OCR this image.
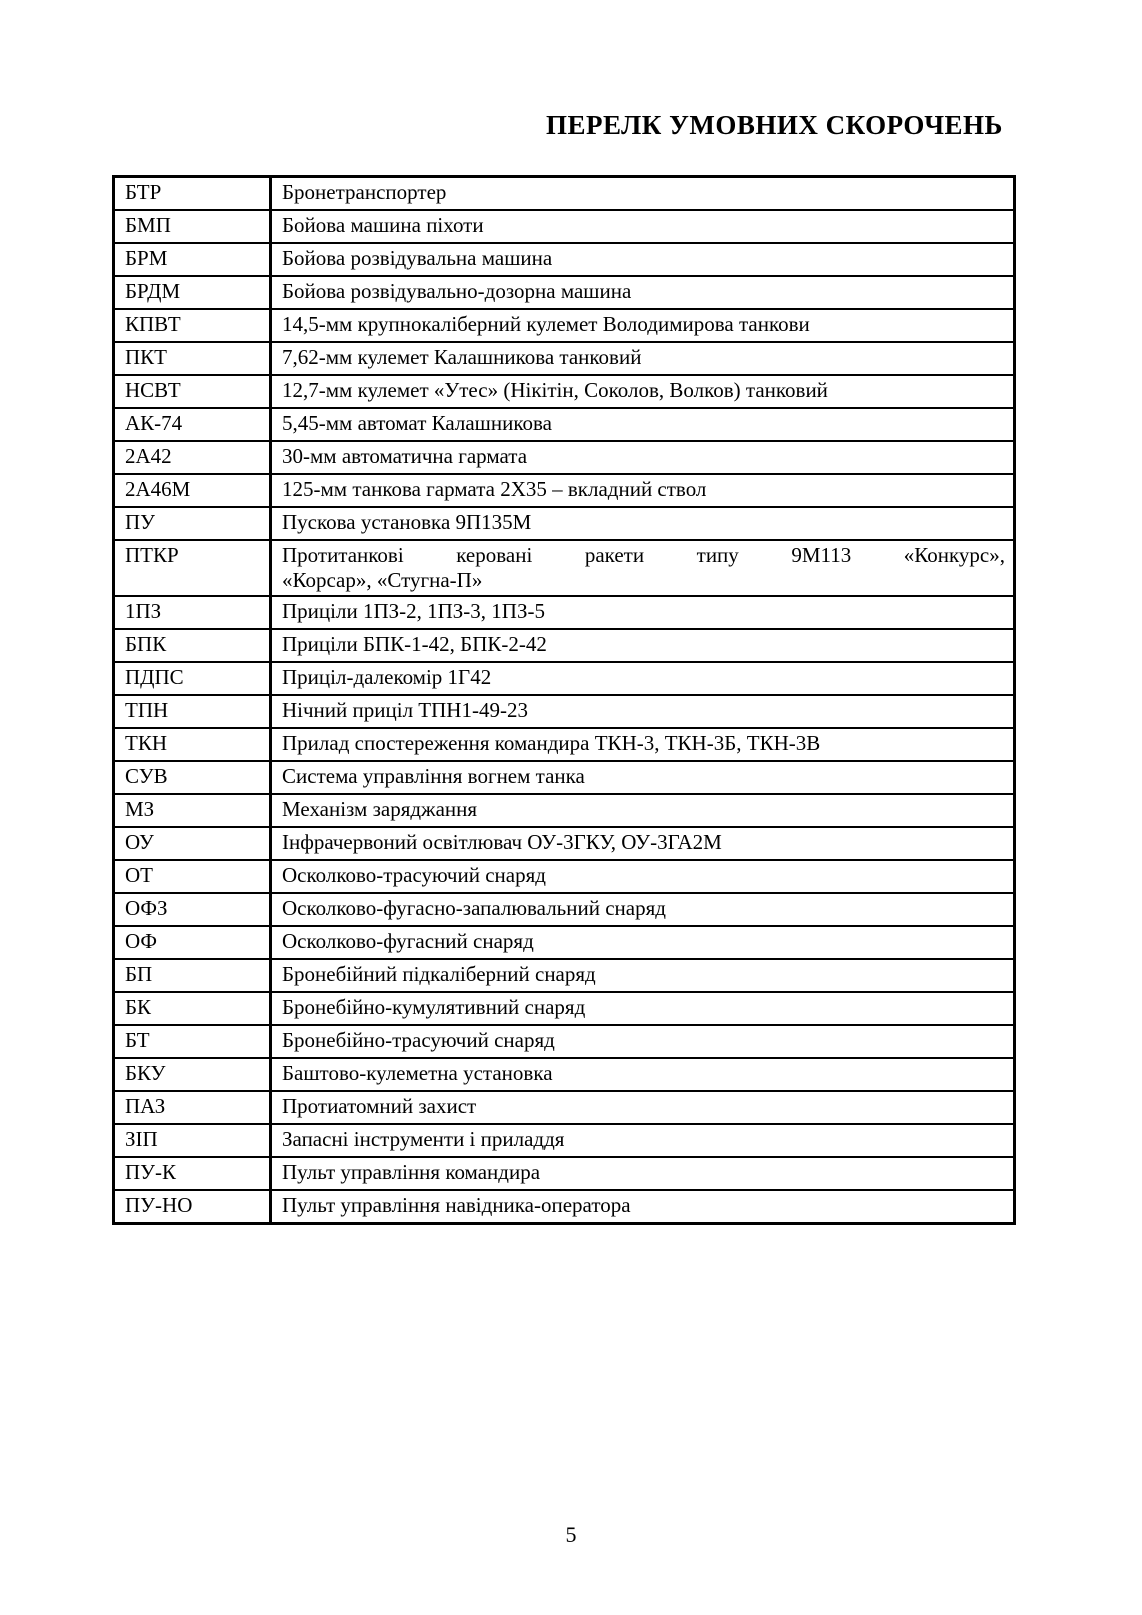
ПЕРЕЛК УМОВНИХ СКОРОЧЕНЬ
БТР	Бронетранспортер
БМП	Бойова машина піхоти
БРМ	Бойова розвідувальна машина
БРДМ	Бойова розвідувально-дозорна машина
КПВТ	14,5-мм крупнокаліберний кулемет Володимирова танкови
ПКТ	7,62-мм кулемет Калашникова танковий
НСВТ	12,7-мм кулемет «Утес» (Нікітін, Соколов, Волков) танковий
АК-74	5,45-мм автомат Калашникова
2А42	30-мм автоматична гармата
2А46М	125-мм танкова гармата 2Х35 – вкладний ствол
ПУ	Пускова установка 9П135М
ПТКР	Протитанкові керовані ракети типу 9М113 «Конкурс»,
«Корсар», «Стугна-П»

1ПЗ	Приціли 1ПЗ-2, 1ПЗ-3, 1ПЗ-5
БПК	Приціли БПК-1-42, БПК-2-42
ПДПС	Приціл-далекомір 1Г42
ТПН	Нічний приціл ТПН1-49-23
ТКН	Прилад спостереження командира ТКН-3, ТКН-3Б, ТКН-3В
СУВ	Система управління вогнем танка
МЗ	Механізм заряджання
ОУ	Інфрачервоний освітлювач ОУ-3ГКУ, ОУ-3ГА2М
ОТ	Осколково-трасуючий снаряд
ОФЗ	Осколково-фугасно-запалювальний снаряд
ОФ	Осколково-фугасний снаряд
БП	Бронебійний підкаліберний снаряд
БК	Бронебійно-кумулятивний снаряд
БТ	Бронебійно-трасуючий снаряд
БКУ	Баштово-кулеметна установка
ПАЗ	Протиатомний захист
ЗІП	Запасні інструменти і приладдя
ПУ-К	Пульт управління командира
ПУ-НО	Пульт управління навідника-оператора
5
